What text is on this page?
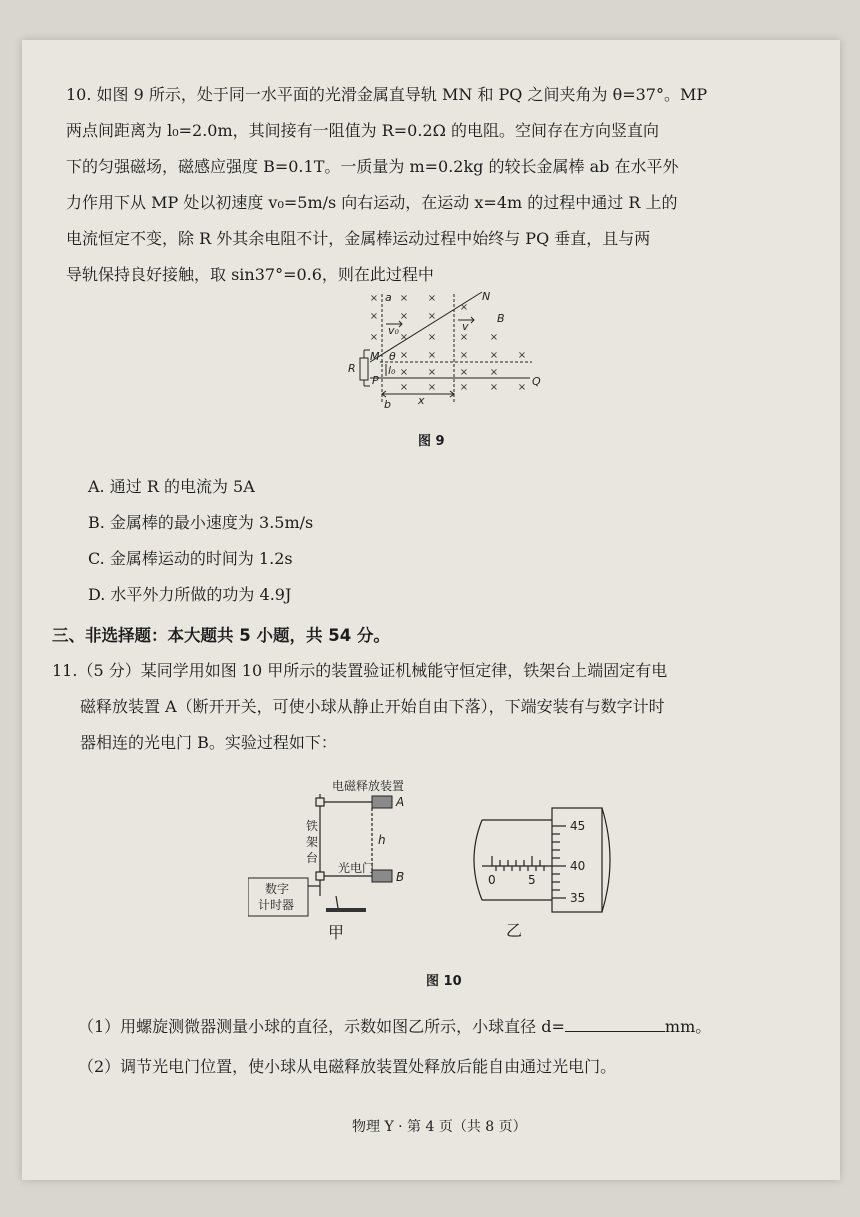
10. 如图 9 所示，处于同一水平面的光滑金属直导轨 MN 和 PQ 之间夹角为 θ=37°。MP
两点间距离为 l₀=2.0m，其间接有一阻值为 R=0.2Ω 的电阻。空间存在方向竖直向
下的匀强磁场，磁感应强度 B=0.1T。一质量为 m=0.2kg 的较长金属棒 ab 在水平外
力作用下从 MP 处以初速度 v₀=5m/s 向右运动，在运动 x=4m 的过程中通过 R 上的
电流恒定不变，除 R 外其余电阻不计，金属棒运动过程中始终与 PQ 垂直，且与两
导轨保持良好接触，取 sin37°=0.6，则在此过程中
× × ×
× × ×
×
× × × × ×
× × × × ×
× × × ×
× × × × ×
a
b
N
B
M θ
R
P
l₀
Q
v₀	v
x
图 9
A. 通过 R 的电流为 5A
B. 金属棒的最小速度为 3.5m/s
C. 金属棒运动的时间为 1.2s
D. 水平外力所做的功为 4.9J
三、非选择题：本大题共 5 小题，共 54 分。
11.（5 分）某同学用如图 10 甲所示的装置验证机械能守恒定律，铁架台上端固定有电
磁释放装置 A（断开开关，可使小球从静止开始自由下落），下端安装有与数字计时
器相连的光电门 B。实验过程如下：
电磁释放装置
A
铁
架
台
h
光电门
B
数字
计时器
甲
45
40
35
0	5
乙
图 10
（1）用螺旋测微器测量小球的直径，示数如图乙所示，小球直径 d=	mm。
（2）调节光电门位置，使小球从电磁释放装置处释放后能自由通过光电门。
物理 Y · 第 4 页（共 8 页）
